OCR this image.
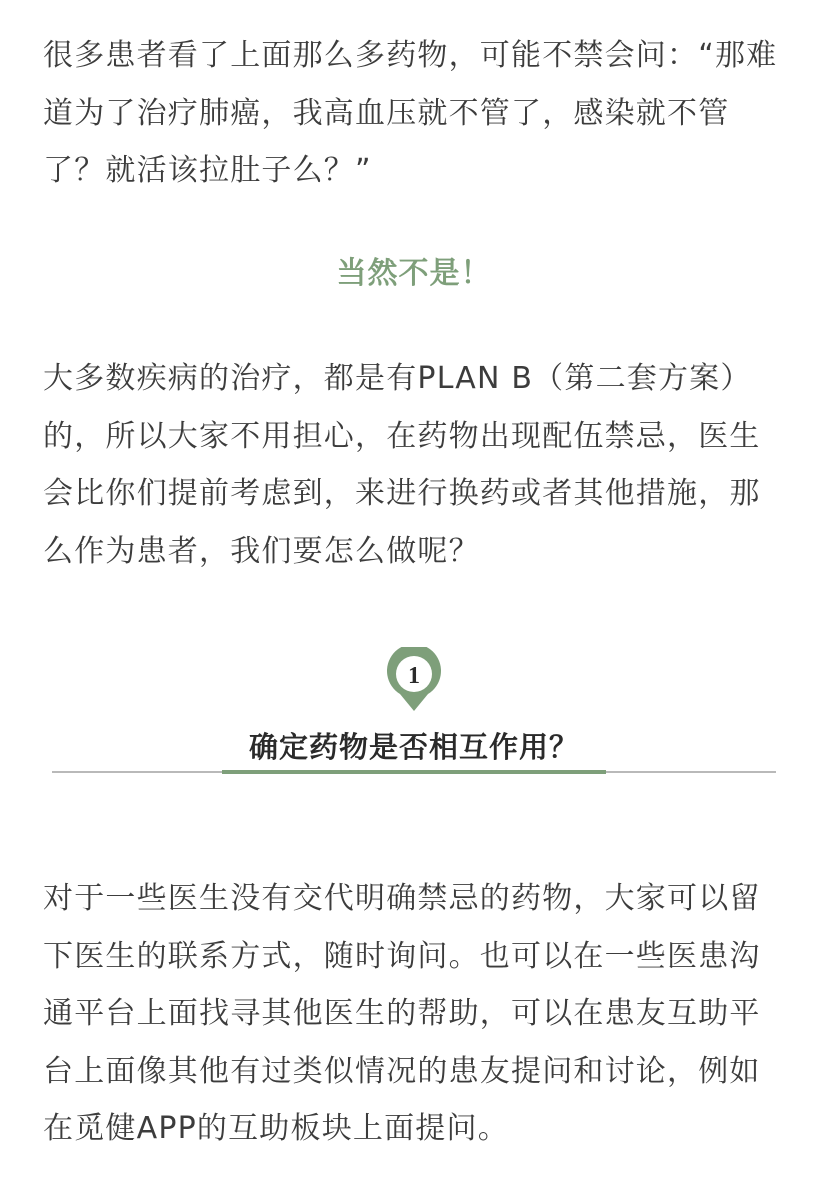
很多患者看了上面那么多药物，可能不禁会问：“那难道为了治疗肺癌，我高血压就不管了，感染就不管了？就活该拉肚子么？”

当然不是！

大多数疾病的治疗，都是有PLAN B（第二套方案）的，所以大家不用担心，在药物出现配伍禁忌，医生会比你们提前考虑到，来进行换药或者其他措施，那么作为患者，我们要怎么做呢？

1
确定药物是否相互作用？

对于一些医生没有交代明确禁忌的药物，大家可以留下医生的联系方式，随时询问。也可以在一些医患沟通平台上面找寻其他医生的帮助，可以在患友互助平台上面像其他有过类似情况的患友提问和讨论，例如在觅健APP的互助板块上面提问。
